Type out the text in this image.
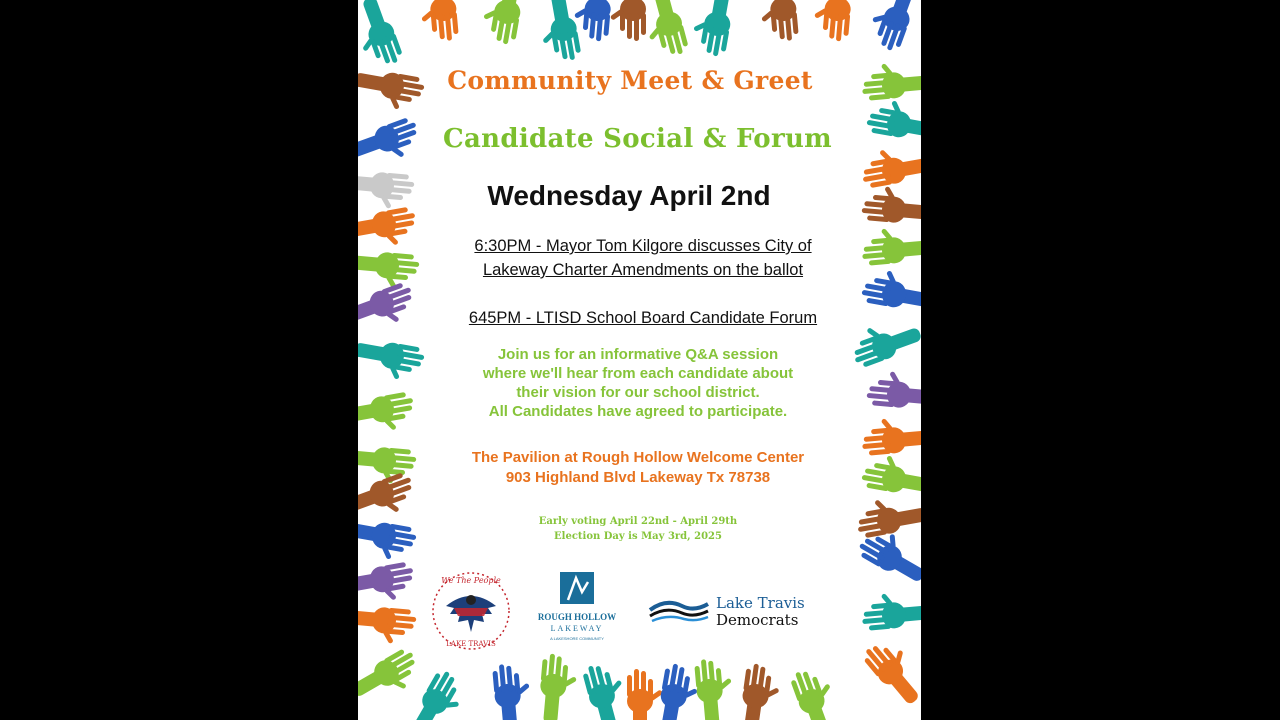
Community Meet & Greet
Candidate Social & Forum
Wednesday April 2nd
6:30PM - Mayor Tom Kilgore discusses City of
Lakeway Charter Amendments on the ballot
645PM - LTISD School Board Candidate Forum
Join us for an informative Q&A session
where we'll hear from each candidate about
their vision for our school district.
All Candidates have agreed to participate.
The Pavilion at Rough Hollow Welcome Center
903 Highland Blvd Lakeway Tx 78738
Early voting April 22nd - April 29th
Election Day is May 3rd, 2025
We The People
LAKE TRAVIS
ROUGH HOLLOW
LAKEWAY
A LAKESHORE COMMUNITY
Lake Travis
Democrats
